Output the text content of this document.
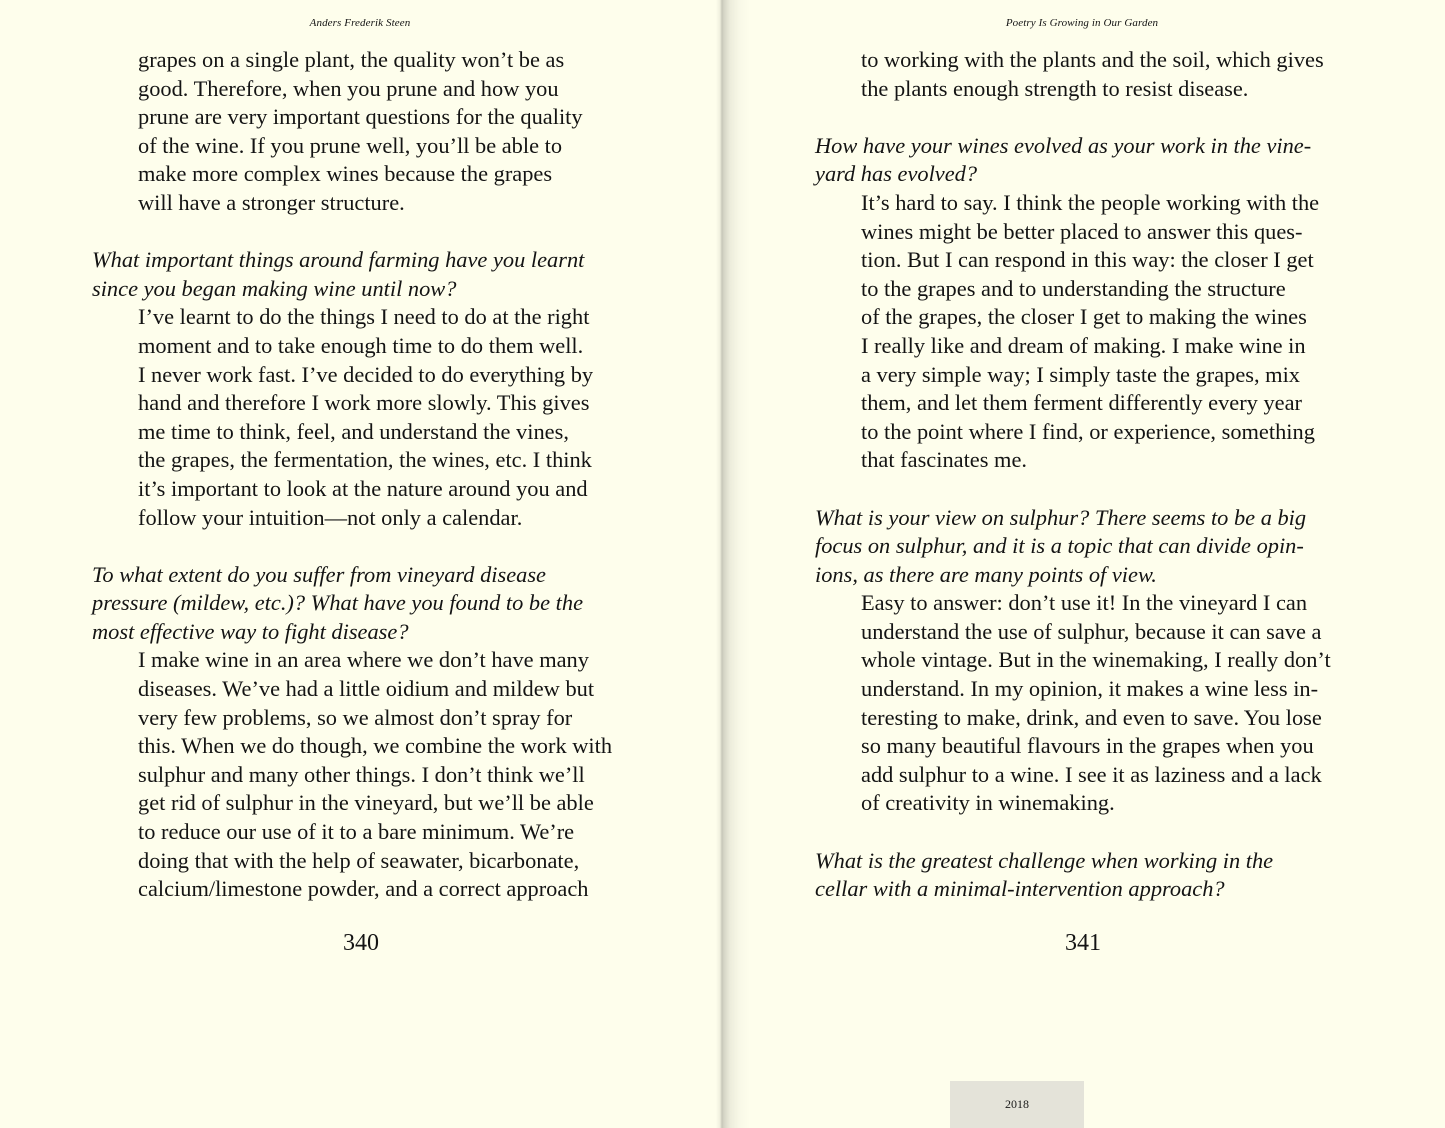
Anders Frederik Steen
grapes on a single plant, the quality won’t be as
good. Therefore, when you prune and how you
prune are very important questions for the quality
of the wine. If you prune well, you’ll be able to
make more complex wines because the grapes
will have a stronger structure.
What important things around farming have you learnt
since you began making wine until now?
I’ve learnt to do the things I need to do at the right
moment and to take enough time to do them well.
I never work fast. I’ve decided to do everything by
hand and therefore I work more slowly. This gives
me time to think, feel, and understand the vines,
the grapes, the fermentation, the wines, etc. I think
it’s important to look at the nature around you and
follow your intuition—not only a calendar.
To what extent do you suffer from vineyard disease
pressure (mildew, etc.)? What have you found to be the
most effective way to fight disease?
I make wine in an area where we don’t have many
diseases. We’ve had a little oidium and mildew but
very few problems, so we almost don’t spray for
this. When we do though, we combine the work with
sulphur and many other things. I don’t think we’ll
get rid of sulphur in the vineyard, but we’ll be able
to reduce our use of it to a bare minimum. We’re
doing that with the help of seawater, bicarbonate,
calcium/limestone powder, and a correct approach
340
Poetry Is Growing in Our Garden
to working with the plants and the soil, which gives
the plants enough strength to resist disease.
How have your wines evolved as your work in the vine-
yard has evolved?
It’s hard to say. I think the people working with the
wines might be better placed to answer this ques-
tion. But I can respond in this way: the closer I get
to the grapes and to understanding the structure
of the grapes, the closer I get to making the wines
I really like and dream of making. I make wine in
a very simple way; I simply taste the grapes, mix
them, and let them ferment differently every year
to the point where I find, or experience, something
that fascinates me.
What is your view on sulphur? There seems to be a big
focus on sulphur, and it is a topic that can divide opin-
ions, as there are many points of view.
Easy to answer: don’t use it! In the vineyard I can
understand the use of sulphur, because it can save a
whole vintage. But in the winemaking, I really don’t
understand. In my opinion, it makes a wine less in-
teresting to make, drink, and even to save. You lose
so many beautiful flavours in the grapes when you
add sulphur to a wine. I see it as laziness and a lack
of creativity in winemaking.
What is the greatest challenge when working in the
cellar with a minimal-intervention approach?
341
2018
